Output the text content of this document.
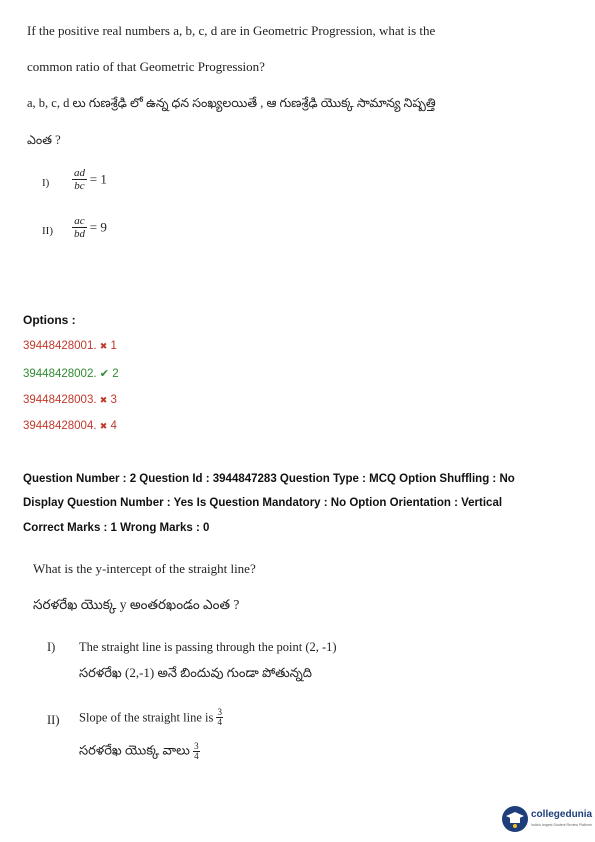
If the positive real numbers a, b, c, d are in Geometric Progression, what is the
common ratio of that Geometric Progression?
a, b, c, d లు గుణశ్రేఢి లో ఉన్న ధన సంఖ్యలయితే , ఆ గుణశ్రేఢి యొక్క సామాన్య నిష్పత్తి
ఎంత ?
$I) \frac{ad}{bc} = 1$
$II) \frac{ac}{bd} = 9$
Options :
39448428001. ✖ 1
39448428002. ✔ 2
39448428003. ✖ 3
39448428004. ✖ 4
Question Number : 2 Question Id : 3944847283 Question Type : MCQ Option Shuffling : No
Display Question Number : Yes Is Question Mandatory : No Option Orientation : Vertical
Correct Marks : 1 Wrong Marks : 0
What is the y-intercept of the straight line?
సరళరేఖ యొక్క y అంతరఖండం ఎంత ?
I) The straight line is passing through the point (2, -1)
సరళరేఖ (2,-1) అనే బిందువు గుండా పోతున్నది
II) Slope of the straight line is $\frac{3}{4}$
సరళరేఖ యొక్క వాలు $\frac{3}{4}$
collegedunia
India's largest Student Review Platform
